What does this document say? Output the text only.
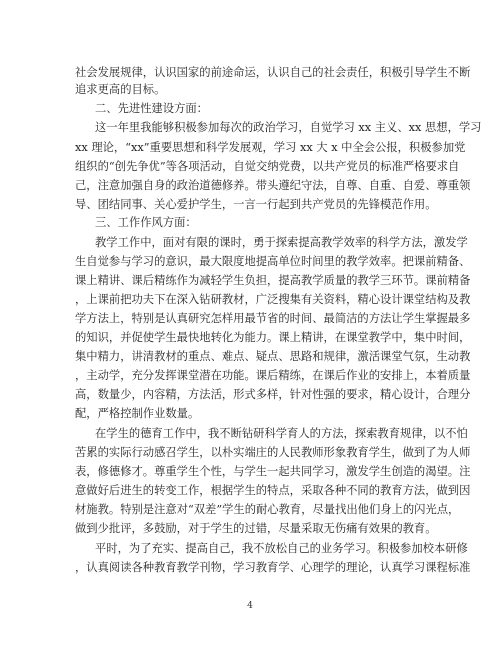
社会发展规律，认识国家的前途命运，认识自己的社会责任，积极引导学生不断
追求更高的目标。
二、先进性建设方面：
这一年里我能够积极参加每次的政治学习，自觉学习 xx 主义、xx 思想，学习
xx 理论，“xx”重要思想和科学发展观，学习 xx 大 x 中全会公报，积极参加党
组织的“创先争优”等各项活动，自觉交纳党费，以共产党员的标准严格要求自
己，注意加强自身的政治道德修养。带头遵纪守法，自尊、自重、自爱、尊重领
导、团结同事、关心爱护学生，一言一行起到共产党员的先锋模范作用。
三、工作作风方面：
教学工作中，面对有限的课时，勇于探索提高教学效率的科学方法，激发学
生自觉参与学习的意识，最大限度地提高单位时间里的教学效率。把课前精备、
课上精讲、课后精练作为减轻学生负担，提高教学质量的教学三环节。课前精备
，上课前把功夫下在深入钻研教材，广泛搜集有关资料，精心设计课堂结构及教
学方法上，特别是认真研究怎样用最节省的时间、最简洁的方法让学生掌握最多
的知识，并促使学生最快地转化为能力。课上精讲，在课堂教学中，集中时间，
集中精力，讲清教材的重点、难点、疑点、思路和规律，激活课堂气氛，生动教
，主动学，充分发挥课堂潜在功能。课后精练，在课后作业的安排上，本着质量
高，数量少，内容精，方法活，形式多样，针对性强的要求，精心设计，合理分
配，严格控制作业数量。
在学生的德育工作中，我不断钻研科学育人的方法，探索教育规律，以不怕
苦累的实际行动感召学生，以朴实端庄的人民教师形象教育学生，做到了为人师
表，修德修才。尊重学生个性，与学生一起共同学习，激发学生创造的渴望。注
意做好后进生的转变工作，根据学生的特点，采取各种不同的教育方法，做到因
材施教。特别是注意对“双差”学生的耐心教育，尽量找出他们身上的闪光点，
做到少批评，多鼓励，对于学生的过错，尽量采取无伤痛有效果的教育。
平时，为了充实、提高自己，我不放松自己的业务学习。积极参加校本研修
，认真阅读各种教育教学刊物，学习教育学、心理学的理论，认真学习课程标准
4
